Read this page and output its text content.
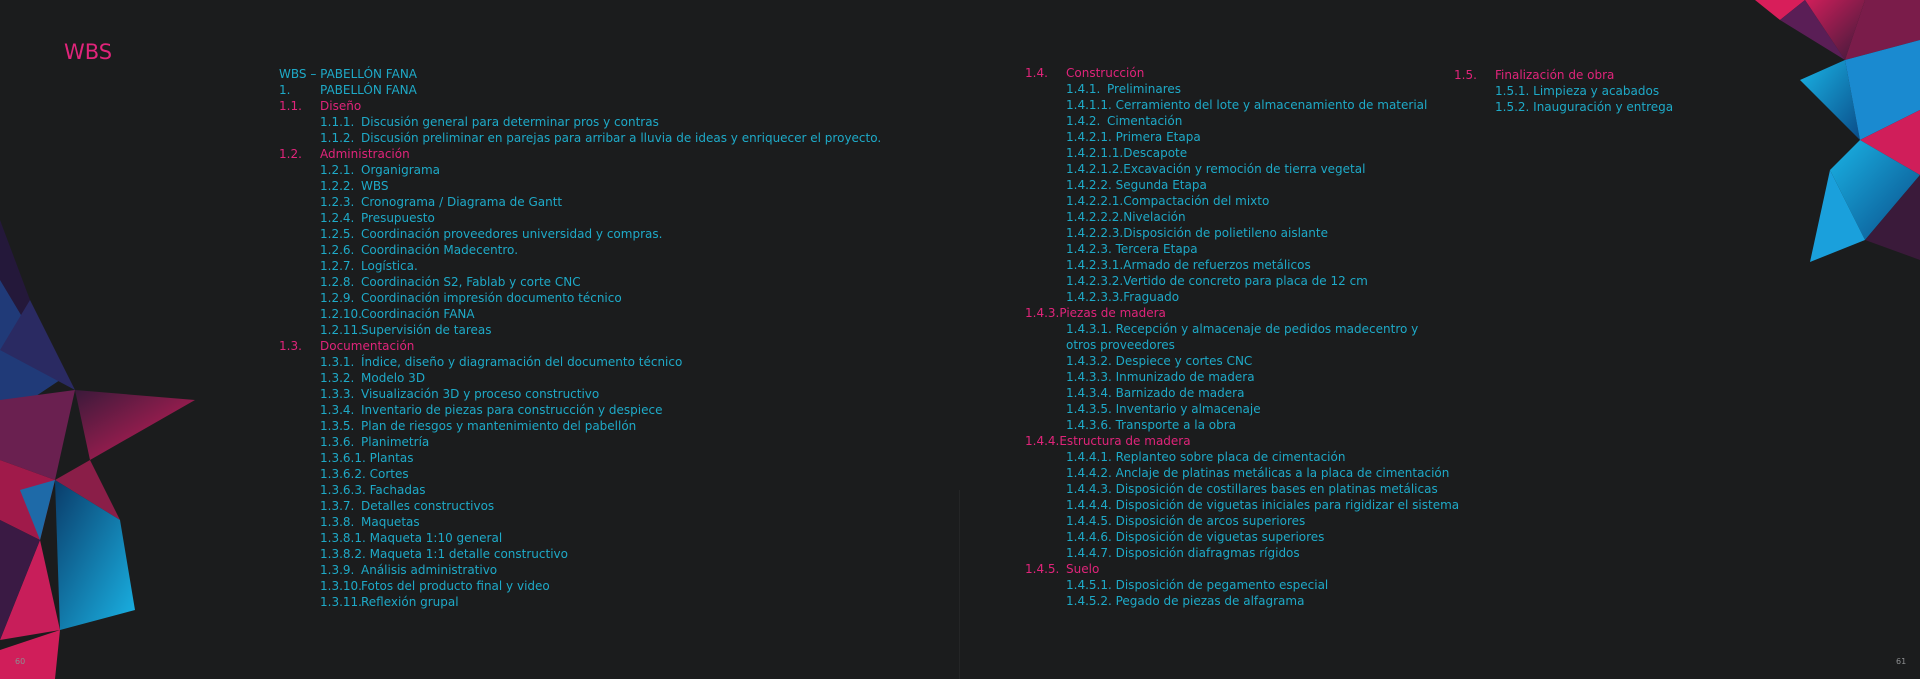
WBS
WBS – PABELLÓN FANA
1. PABELLÓN FANA
1.1. Diseño
1.1.1. Discusión general para determinar pros y contras
1.1.2. Discusión preliminar en parejas para arribar a lluvia de ideas y enriquecer el proyecto.
1.2. Administración
1.2.1. Organigrama
1.2.2. WBS
1.2.3. Cronograma / Diagrama de Gantt
1.2.4. Presupuesto
1.2.5. Coordinación proveedores universidad y compras.
1.2.6. Coordinación Madecentro.
1.2.7. Logística.
1.2.8. Coordinación S2, Fablab y corte CNC
1.2.9. Coordinación impresión documento técnico
1.2.10. Coordinación FANA
1.2.11. Supervisión de tareas
1.3. Documentación
1.3.1. Índice, diseño y diagramación del documento técnico
1.3.2. Modelo 3D
1.3.3. Visualización 3D y proceso constructivo
1.3.4. Inventario de piezas para construcción y despiece
1.3.5. Plan de riesgos y mantenimiento del pabellón
1.3.6. Planimetría
1.3.6.1. Plantas
1.3.6.2. Cortes
1.3.6.3. Fachadas
1.3.7. Detalles constructivos
1.3.8. Maquetas
1.3.8.1. Maqueta 1:10 general
1.3.8.2. Maqueta 1:1 detalle constructivo
1.3.9. Análisis administrativo
1.3.10. Fotos del producto final y video
1.3.11. Reflexión grupal
1.4. Construcción
1.4.1. Preliminares
1.4.1.1. Cerramiento del lote y almacenamiento de material
1.4.2. Cimentación
1.4.2.1. Primera Etapa
1.4.2.1.1.Descapote
1.4.2.1.2.Excavación y remoción de tierra vegetal
1.4.2.2. Segunda Etapa
1.4.2.2.1.Compactación del mixto
1.4.2.2.2.Nivelación
1.4.2.2.3.Disposición de polietileno aislante
1.4.2.3. Tercera Etapa
1.4.2.3.1.Armado de refuerzos metálicos
1.4.2.3.2.Vertido de concreto para placa de 12 cm
1.4.2.3.3.Fraguado
1.4.3.Piezas de madera
1.4.3.1. Recepción y almacenaje de pedidos madecentro y
otros proveedores
1.4.3.2. Despiece y cortes CNC
1.4.3.3. Inmunizado de madera
1.4.3.4. Barnizado de madera
1.4.3.5. Inventario y almacenaje
1.4.3.6. Transporte a la obra
1.4.4.Estructura de madera
1.4.4.1. Replanteo sobre placa de cimentación
1.4.4.2. Anclaje de platinas metálicas a la placa de cimentación
1.4.4.3. Disposición de costillares bases en platinas metálicas
1.4.4.4. Disposición de viguetas iniciales para rigidizar el sistema
1.4.4.5. Disposición de arcos superiores
1.4.4.6. Disposición de viguetas superiores
1.4.4.7. Disposición diafragmas rígidos
1.4.5. Suelo
1.4.5.1. Disposición de pegamento especial
1.4.5.2. Pegado de piezas de alfagrama
1.5. Finalización de obra
1.5.1. Limpieza y acabados
1.5.2. Inauguración y entrega
60	61
